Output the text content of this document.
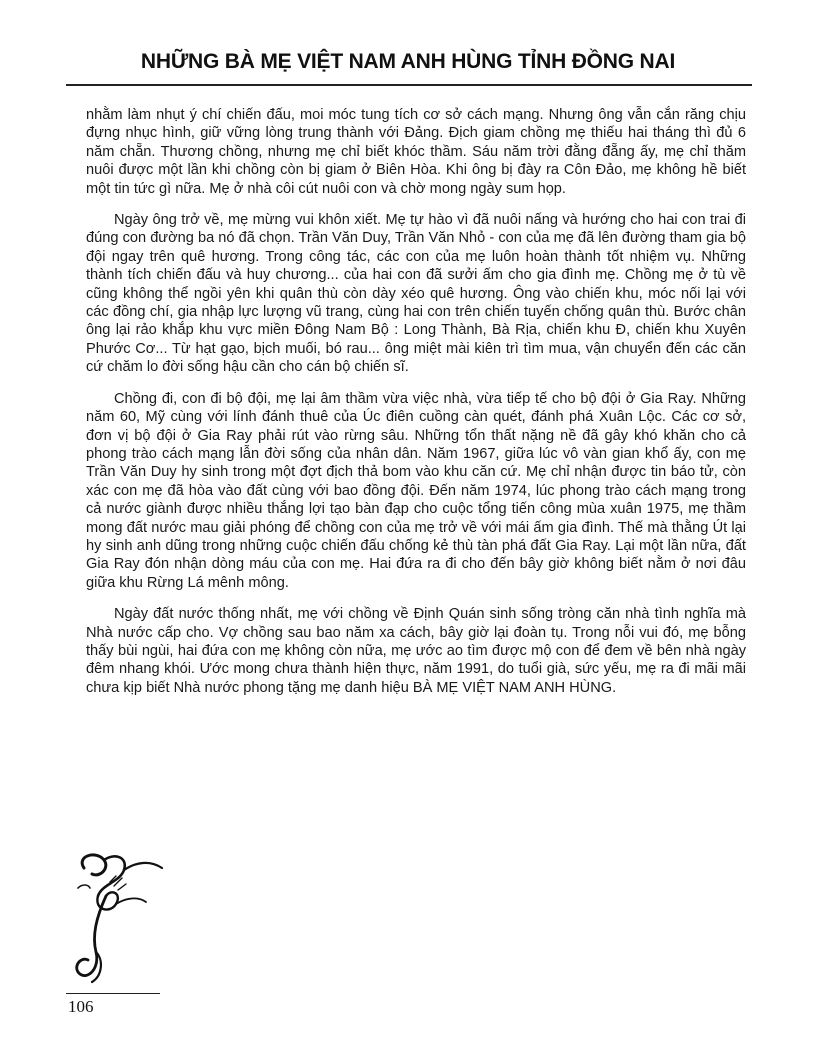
NHỮNG BÀ MẸ VIỆT NAM ANH HÙNG TỈNH ĐỒNG NAI

nhằm làm nhụt ý chí chiến đấu, moi móc tung tích cơ sở cách mạng. Nhưng ông vẫn cắn răng chịu đựng nhục hình, giữ vững lòng trung thành với Đảng. Địch giam chồng mẹ thiếu hai tháng thì đủ 6 năm chẵn. Thương chồng, nhưng mẹ chỉ biết khóc thầm. Sáu năm trời đằng đẵng ấy, mẹ chỉ thăm nuôi được một lần khi chồng còn bị giam ở Biên Hòa. Khi ông bị đày ra Côn Đảo, mẹ không hề biết một tin tức gì nữa. Mẹ ở nhà côi cút nuôi con và chờ mong ngày sum họp.

Ngày ông trở về, mẹ mừng vui khôn xiết. Mẹ tự hào vì đã nuôi nấng và hướng cho hai con trai đi đúng con đường ba nó đã chọn. Trần Văn Duy, Trần Văn Nhỏ - con của mẹ đã lên đường tham gia bộ đội ngay trên quê hương. Trong công tác, các con của mẹ luôn hoàn thành tốt nhiệm vụ. Những thành tích chiến đấu và huy chương... của hai con đã sưởi ấm cho gia đình mẹ. Chồng mẹ ở tù về cũng không thể ngồi yên khi quân thù còn dày xéo quê hương. Ông vào chiến khu, móc nối lại với các đồng chí, gia nhập lực lượng vũ trang, cùng hai con trên chiến tuyến chống quân thù. Bước chân ông lại rảo khắp khu vực miền Đông Nam Bộ : Long Thành, Bà Rịa, chiến khu Đ, chiến khu Xuyên Phước Cơ... Từ hạt gạo, bịch muối, bó rau... ông miệt mài kiên trì tìm mua, vận chuyển đến các căn cứ chăm lo đời sống hậu cần cho cán bộ chiến sĩ.

Chồng đi, con đi bộ đội, mẹ lại âm thầm vừa việc nhà, vừa tiếp tế cho bộ đội ở Gia Ray. Những năm 60, Mỹ cùng với lính đánh thuê của Úc điên cuồng càn quét, đánh phá Xuân Lộc. Các cơ sở, đơn vị bộ đội ở Gia Ray phải rút vào rừng sâu. Những tổn thất nặng nề đã gây khó khăn cho cả phong trào cách mạng lẫn đời sống của nhân dân. Năm 1967, giữa lúc vô vàn gian khổ ấy, con mẹ Trần Văn Duy hy sinh trong một đợt địch thả bom vào khu căn cứ. Mẹ chỉ nhận được tin báo tử, còn xác con mẹ đã hòa vào đất cùng với bao đồng đội. Đến năm 1974, lúc phong trào cách mạng trong cả nước giành được nhiều thắng lợi tạo bàn đạp cho cuộc tổng tiến công mùa xuân 1975, mẹ thầm mong đất nước mau giải phóng để chồng con của mẹ trở về với mái ấm gia đình. Thế mà thằng Út lại hy sinh anh dũng trong những cuộc chiến đấu chống kẻ thù tàn phá đất Gia Ray. Lại một lần nữa, đất Gia Ray đón nhận dòng máu của con mẹ. Hai đứa ra đi cho đến bây giờ không biết nằm ở nơi đâu giữa khu Rừng Lá mênh mông.

Ngày đất nước thống nhất, mẹ với chồng về Định Quán sinh sống tròng căn nhà tình nghĩa mà Nhà nước cấp cho. Vợ chồng sau bao năm xa cách, bây giờ lại đoàn tụ. Trong nỗi vui đó, mẹ bỗng thấy bùi ngùi, hai đứa con mẹ không còn nữa, mẹ ước ao tìm được mộ con để đem về bên nhà ngày đêm nhang khói. Ước mong chưa thành hiện thực, năm 1991, do tuổi già, sức yếu, mẹ ra đi mãi mãi chưa kịp biết Nhà nước phong tặng mẹ danh hiệu BÀ MẸ VIỆT NAM ANH HÙNG.

106
